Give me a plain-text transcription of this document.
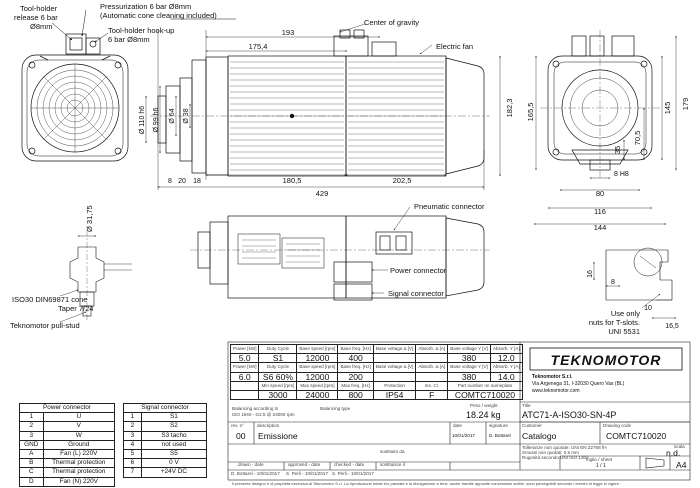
Tool-holder
release 6 bar
Ø8mm
Pressurization 6 bar Ø8mm
(Automatic cone cleaning included)
Tool-holder hook-up
6 bar Ø8mm
Center of gravity
Electric fan
Pneumatic connector
Power connector
Signal connector
ISO30 DIN69871 cone
Taper 7/24
Teknomotor pull-stud
Use only
nuts for T-slots.
UNI 5531
193
175,4
8 20 18	180,5	202,5
429
Ø 110 h6 Ø 99 h6 Ø 64 Ø 38	182,3 165,5	145 179
70,5
35
8 H8
80
116
144
Ø 31,75
16
8
10
16,5
TEKNOMOTOR
Power [kW]	Duty Cycle	Base speed [rpm]	Base freq. [Hz]	Base voltage Δ [V]	Absorb. Δ [A]	Base voltage Y [V]	Absorb. Y [A]
5.0	S1	12000	400			380	12.0
Power [kW]	Duty Cycle	Base speed [rpm]	Base freq. [Hz]	Base voltage Δ [V]	Absorb. Δ [A]	Base voltage Y [V]	Absorb. Y [A]
6.0	S6 60%	12000	200			380	14.0
	Min speed [rpm]	Max speed [rpm]	Max freq. [Hz]	Protection	Ins. Cl.	Part number on nameplate	
	3000	24000	800	IP54	F	COMTC710020	
Balancing according to
ISO 1940 - G2.5 @ 24000 rpm
Balancing type
Peso / weight
18.24 kg
Teknomotor S.r.l.
Via Argenega 31, I-32030 Quero Vas (BL)
www.teknomotor.com
Title
ATC71-A-ISO30-SN-4P
rev. n°	description	date	signature
00 Emissione	10/01/2017	D. Bottarel
Customer
Catalogo
Drawing code
COMTC710020
Tolleranze non quotate: UNI EN 22768 fH
Smussi non quotati: 0.5 mm
Rugosità secondo UNI ISO 1302
drawn - date	approved - date	checked - date	sostituisce il
sostituito da
D. Bottarel - 10/01/2017 S. Perli - 10/01/2017 S. Perli - 10/01/2017
foglio / sheet
1 / 1
scala
n.d.
A4
Il presente disegno è di proprietà esclusiva di Teknomotor S.r.l. La riproduzione totale e/o parziale e la divulgazione a terzi, anche tramite apposite concessioni scritte, sono perseguibili secondo i termini di legge in vigore.
Power connector	
1	U
2	V
3	W
GND	Ground
A	Fan (L) 220V
B	Thermal protection
C	Thermal protection
D	Fan (N) 220V
Signal connector	
1	S1
2	S2
3	S3 tacho
4	not used
5	S5
6	0 V
7	+24V DC
